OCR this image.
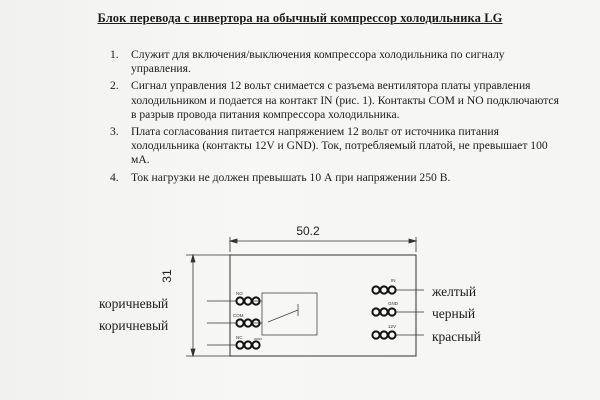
Блок перевода с инвертора на обычный компрессор холодильника LG
1. Служит для включения/выключения компрессора холодильника по сигналу управления.
2. Сигнал управления 12 вольт снимается с разъема вентилятора платы управления холодильником и подается на контакт IN (рис. 1). Контакты COM и NO подключаются в разрыв провода питания компрессора холодильника.
3. Плата согласования питается напряжением 12 вольт от источника питания холодильника (контакты 12V и GND). Ток, потребляемый платой, не превышает 100 мА.
4. Ток нагрузки не должен превышать 10 А при напряжении 250 В.
50.2
31
NO
COM
NC
IN
GND
12V
коричневый
коричневый
желтый
черный
красный
